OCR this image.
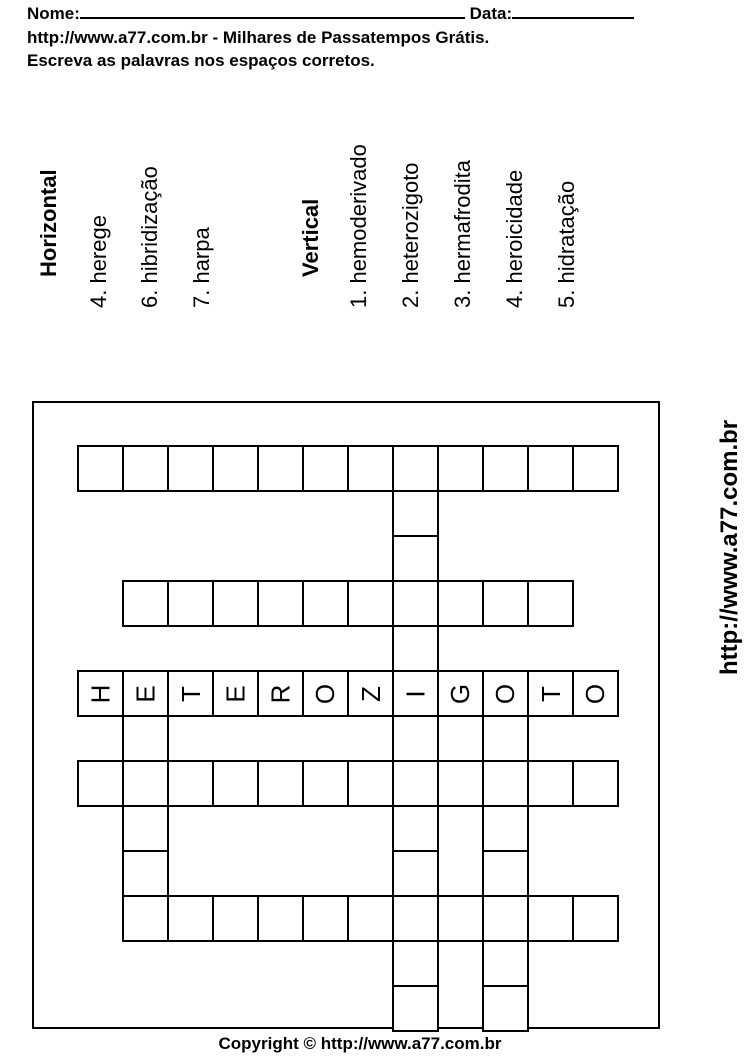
Nome:	Data:
http://www.a77.com.br - Milhares de Passatempos Grátis.
Escreva as palavras nos espaços corretos.
Horizontal 4. herege 6. hibridização 7. harpa	Vertical 1. hemoderivado 2. heterozigoto 3. hermafrodita 4. heroicidade 5. hidratação
H E T E R O Z I G O T O
http://www.a77.com.br
Copyright © http://www.a77.com.br
